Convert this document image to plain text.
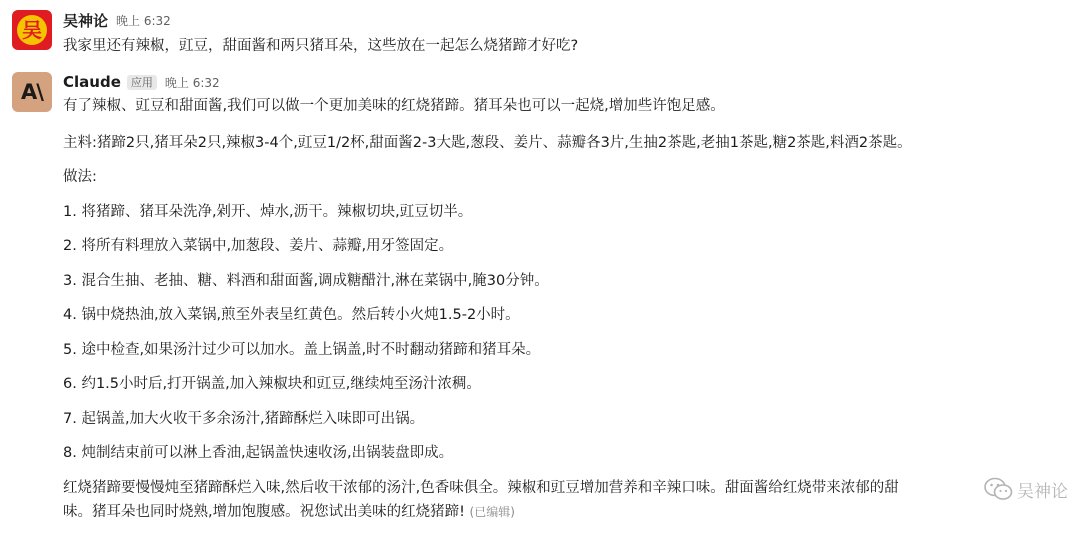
吴	吴神论 晚上 6:32
我家里还有辣椒，豇豆，甜面酱和两只猪耳朵，这些放在一起怎么烧猪蹄才好吃?
A\	Claude 应用	晚上 6:32
有了辣椒、豇豆和甜面酱,我们可以做一个更加美味的红烧猪蹄。猪耳朵也可以一起烧,增加些许饱足感。
主料:猪蹄2只,猪耳朵2只,辣椒3-4个,豇豆1/2杯,甜面酱2-3大匙,葱段、姜片、蒜瓣各3片,生抽2茶匙,老抽1茶匙,糖2茶匙,料酒2茶匙。
做法:
1. 将猪蹄、猪耳朵洗净,剁开、焯水,沥干。辣椒切块,豇豆切半。
2. 将所有料理放入菜锅中,加葱段、姜片、蒜瓣,用牙签固定。
3. 混合生抽、老抽、糖、料酒和甜面酱,调成糖醋汁,淋在菜锅中,腌30分钟。
4. 锅中烧热油,放入菜锅,煎至外表呈红黄色。然后转小火炖1.5-2小时。
5. 途中检查,如果汤汁过少可以加水。盖上锅盖,时不时翻动猪蹄和猪耳朵。
6. 约1.5小时后,打开锅盖,加入辣椒块和豇豆,继续炖至汤汁浓稠。
7. 起锅盖,加大火收干多余汤汁,猪蹄酥烂入味即可出锅。
8. 炖制结束前可以淋上香油,起锅盖快速收汤,出锅装盘即成。
红烧猪蹄要慢慢炖至猪蹄酥烂入味,然后收干浓郁的汤汁,色香味俱全。辣椒和豇豆增加营养和辛辣口味。甜面酱给红烧带来浓郁的甜
味。猪耳朵也同时烧熟,增加饱腹感。祝您试出美味的红烧猪蹄! (已编辑)
吴神论
